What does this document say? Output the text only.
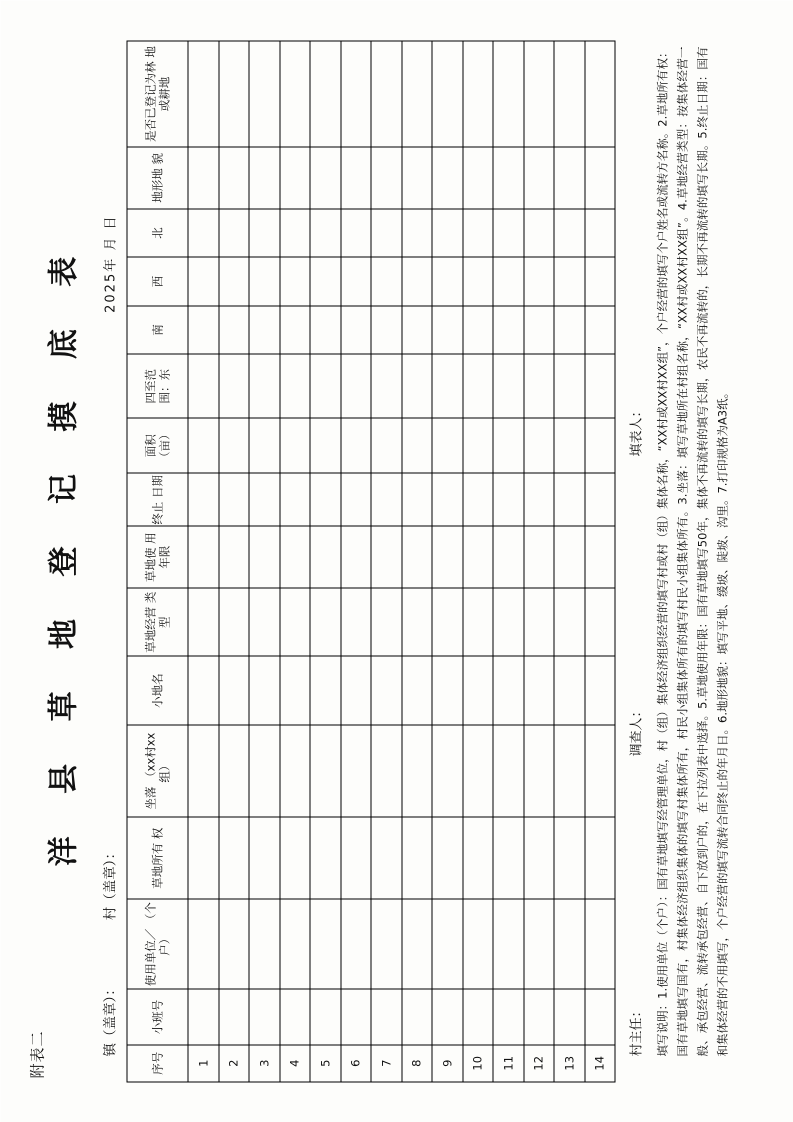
附表二
洋 县 草 地 登 记 摸 底 表
镇（盖章）：
村（盖章）：
2025年 月 日
序号	小班号	使用单位／ （个户）	草地所有 权	坐落 （xx村xx组）	小地名	草地经营 类型	草地使 用年限	终止 日期	面积 （亩）	四至范 围：东	南	西	北	地形地 貌	是否已登记为林 地或耕地
1															
2															
3															
4															
5															
6															
7															
8															
9															
10															
11															
12															
13															
14															
村主任：
调查人：
填表人： 填写说明：1.使用单位（个户）：国有草地填写经管理单位，村（组）集体经济组织经营的填写村或村（组）集体名称，“XX村或XX村XX组”，个户经营的填写个户姓名或流转方名称。2.草地所有权：国有草地填写国有，村集体经济组织集体的填写村集体所有，村民小组集体所有的填写村民小组集体所有。3.坐落：填写草地所在村组名称，“XX村或XX村XX组”。4.草地经营类型：按集体经营一般、承包经营、流转承包经营、自下放到户的，在下拉列表中选择。5.草地使用年限：国有草地填写50年，集体不再流转的填写长期，农民不再流转的，长期不再流转的填写长期。5.终止日期：国有和集体经营的不用填写，个户经营的填写流转合同终止的年月日。6.地形地貌：填写平地、缓坡、陡坡、沟里。7.打印规格为A3纸。
